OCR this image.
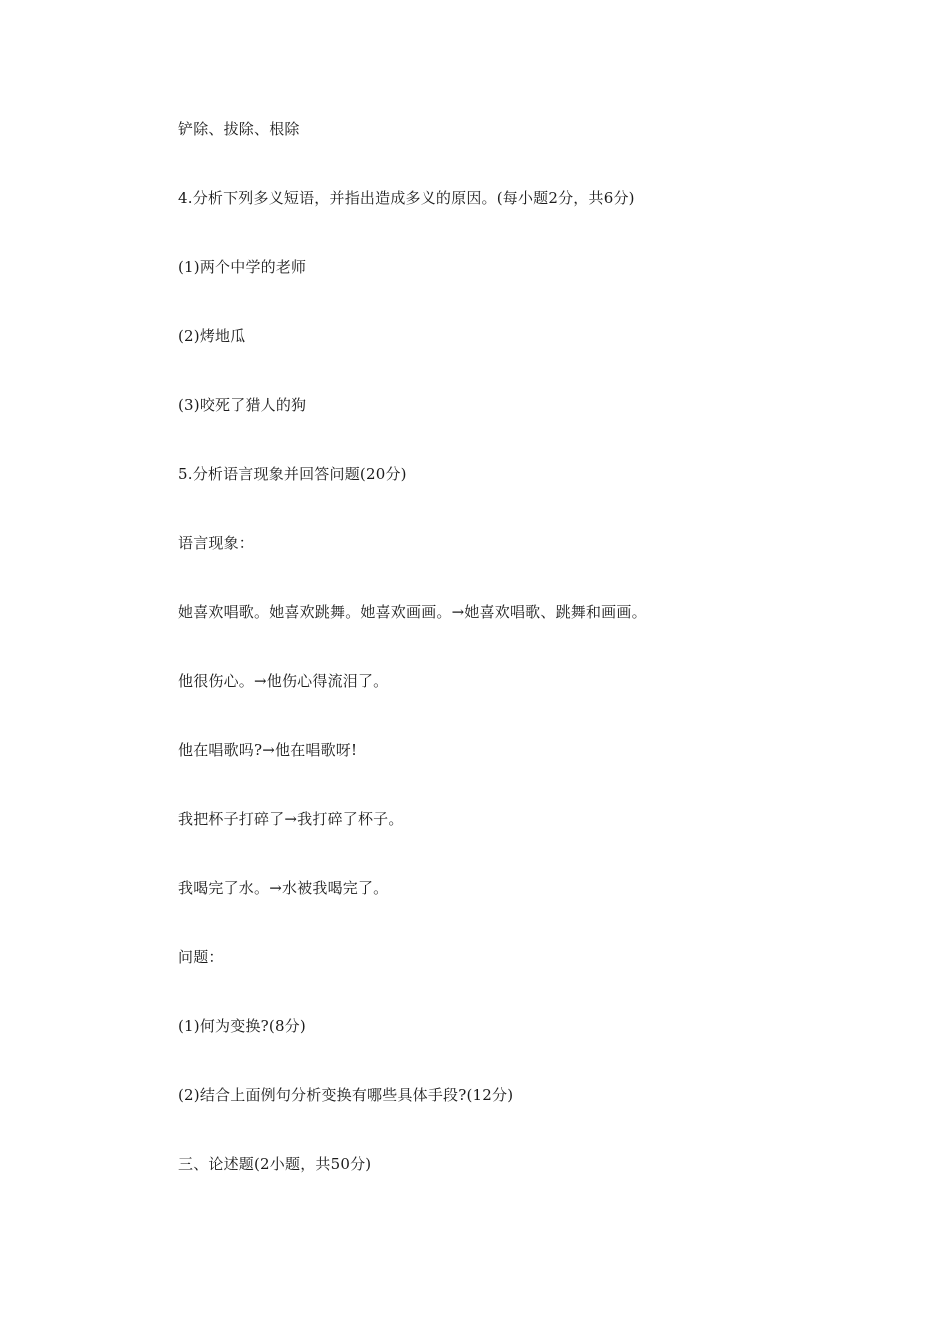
铲除、拔除、根除
4.分析下列多义短语，并指出造成多义的原因。(每小题2分，共6分)
(1)两个中学的老师
(2)烤地瓜
(3)咬死了猎人的狗
5.分析语言现象并回答问题(20分)
语言现象：
她喜欢唱歌。她喜欢跳舞。她喜欢画画。→她喜欢唱歌、跳舞和画画。
他很伤心。→他伤心得流泪了。
他在唱歌吗?→他在唱歌呀!
我把杯子打碎了→我打碎了杯子。
我喝完了水。→水被我喝完了。
问题：
(1)何为变换?(8分)
(2)结合上面例句分析变换有哪些具体手段?(12分)
三、论述题(2小题，共50分)
